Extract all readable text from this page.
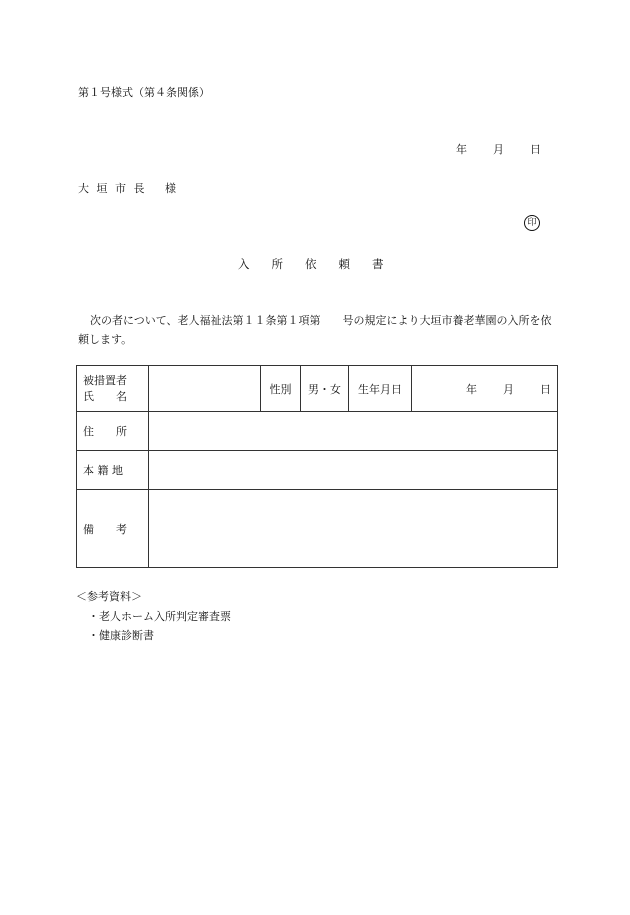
第１号様式（第４条関係）
年 月 日
大 垣 市 長　 様
印
入所依頼書
次の者について、老人福祉法第１１条第１項第　　号の規定により大垣市養老華園の入所を依頼します。
被措置者
氏　　名		性別	男・女	生年月日	年 月 日
住　　所					
本 籍 地					
備　　考					
＜参考資料＞
・老人ホーム入所判定審査票
・健康診断書
